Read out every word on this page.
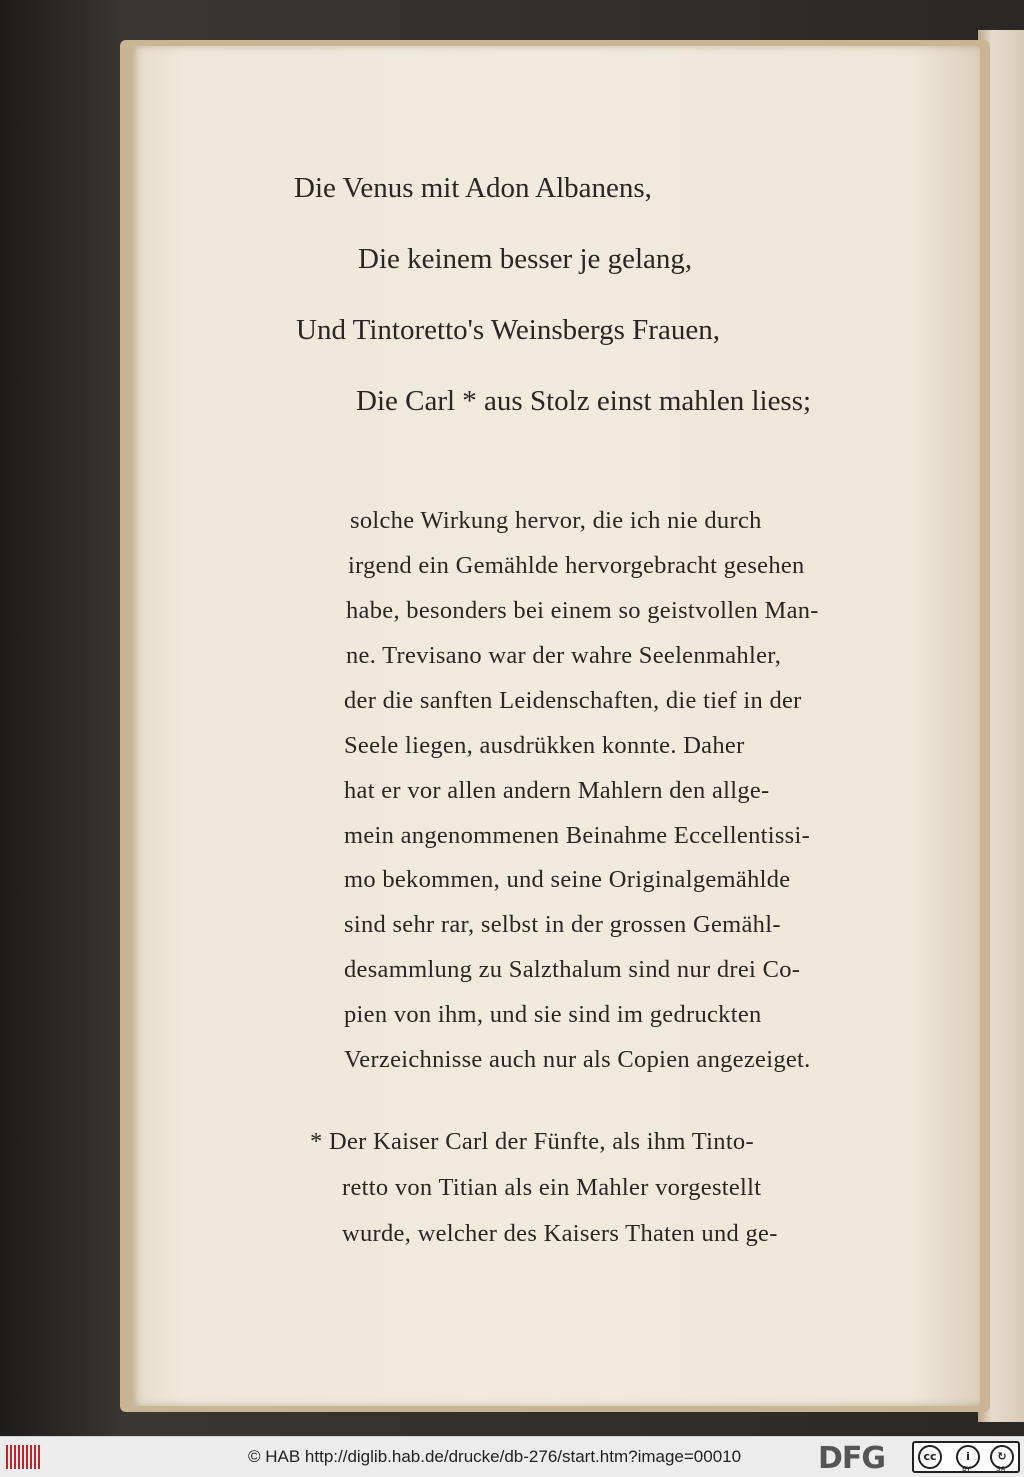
Die Venus mit Adon Albanens,
Die keinem besser je gelang,
Und Tintoretto's Weinsbergs Frauen,
Die Carl * aus Stolz einst mahlen liess;
solche Wirkung hervor, die ich nie durch
irgend ein Gemählde hervorgebracht gesehen
habe, besonders bei einem so geistvollen Man-
ne. Trevisano war der wahre Seelenmahler,
der die sanften Leidenschaften, die tief in der
Seele liegen, ausdrükken konnte. Daher
hat er vor allen andern Mahlern den allge-
mein angenommenen Beinahme Eccellentissi-
mo bekommen, und seine Originalgemählde
sind sehr rar, selbst in der grossen Gemähl-
desammlung zu Salzthalum sind nur drei Co-
pien von ihm, und sie sind im gedruckten
Verzeichnisse auch nur als Copien angezeiget.
* Der Kaiser Carl der Fünfte, als ihm Tinto-
retto von Titian als ein Mahler vorgestellt
wurde, welcher des Kaisers Thaten und ge-
© HAB http://diglib.hab.de/drucke/db-276/start.htm?image=00010	DFG	cc	i	↻
BY	SA
